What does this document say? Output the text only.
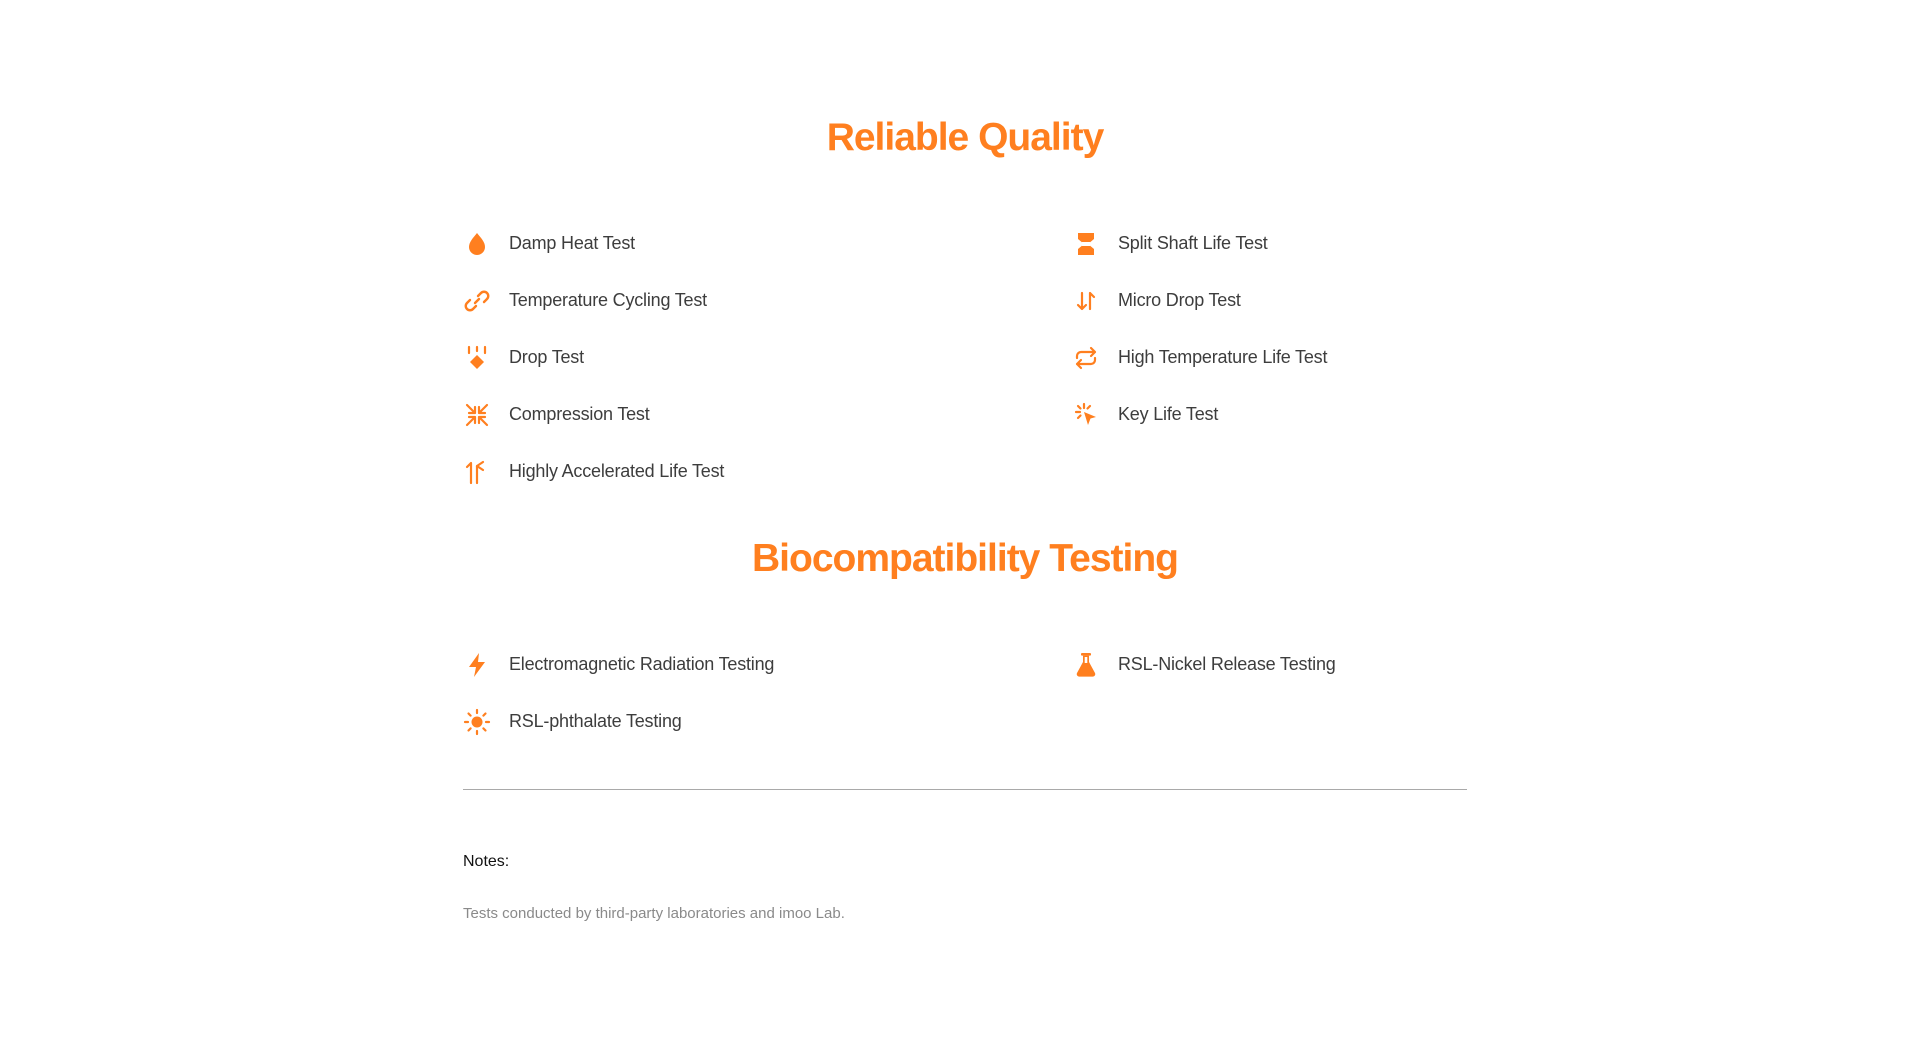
Reliable Quality
Damp Heat Test	Split Shaft Life Test
Temperature Cycling Test	Micro Drop Test
Drop Test	High Temperature Life Test
Compression Test	Key Life Test
Highly Accelerated Life Test
Biocompatibility Testing
Electromagnetic Radiation Testing	RSL-Nickel Release Testing
RSL-phthalate Testing
Notes:
Tests conducted by third-party laboratories and imoo Lab.
